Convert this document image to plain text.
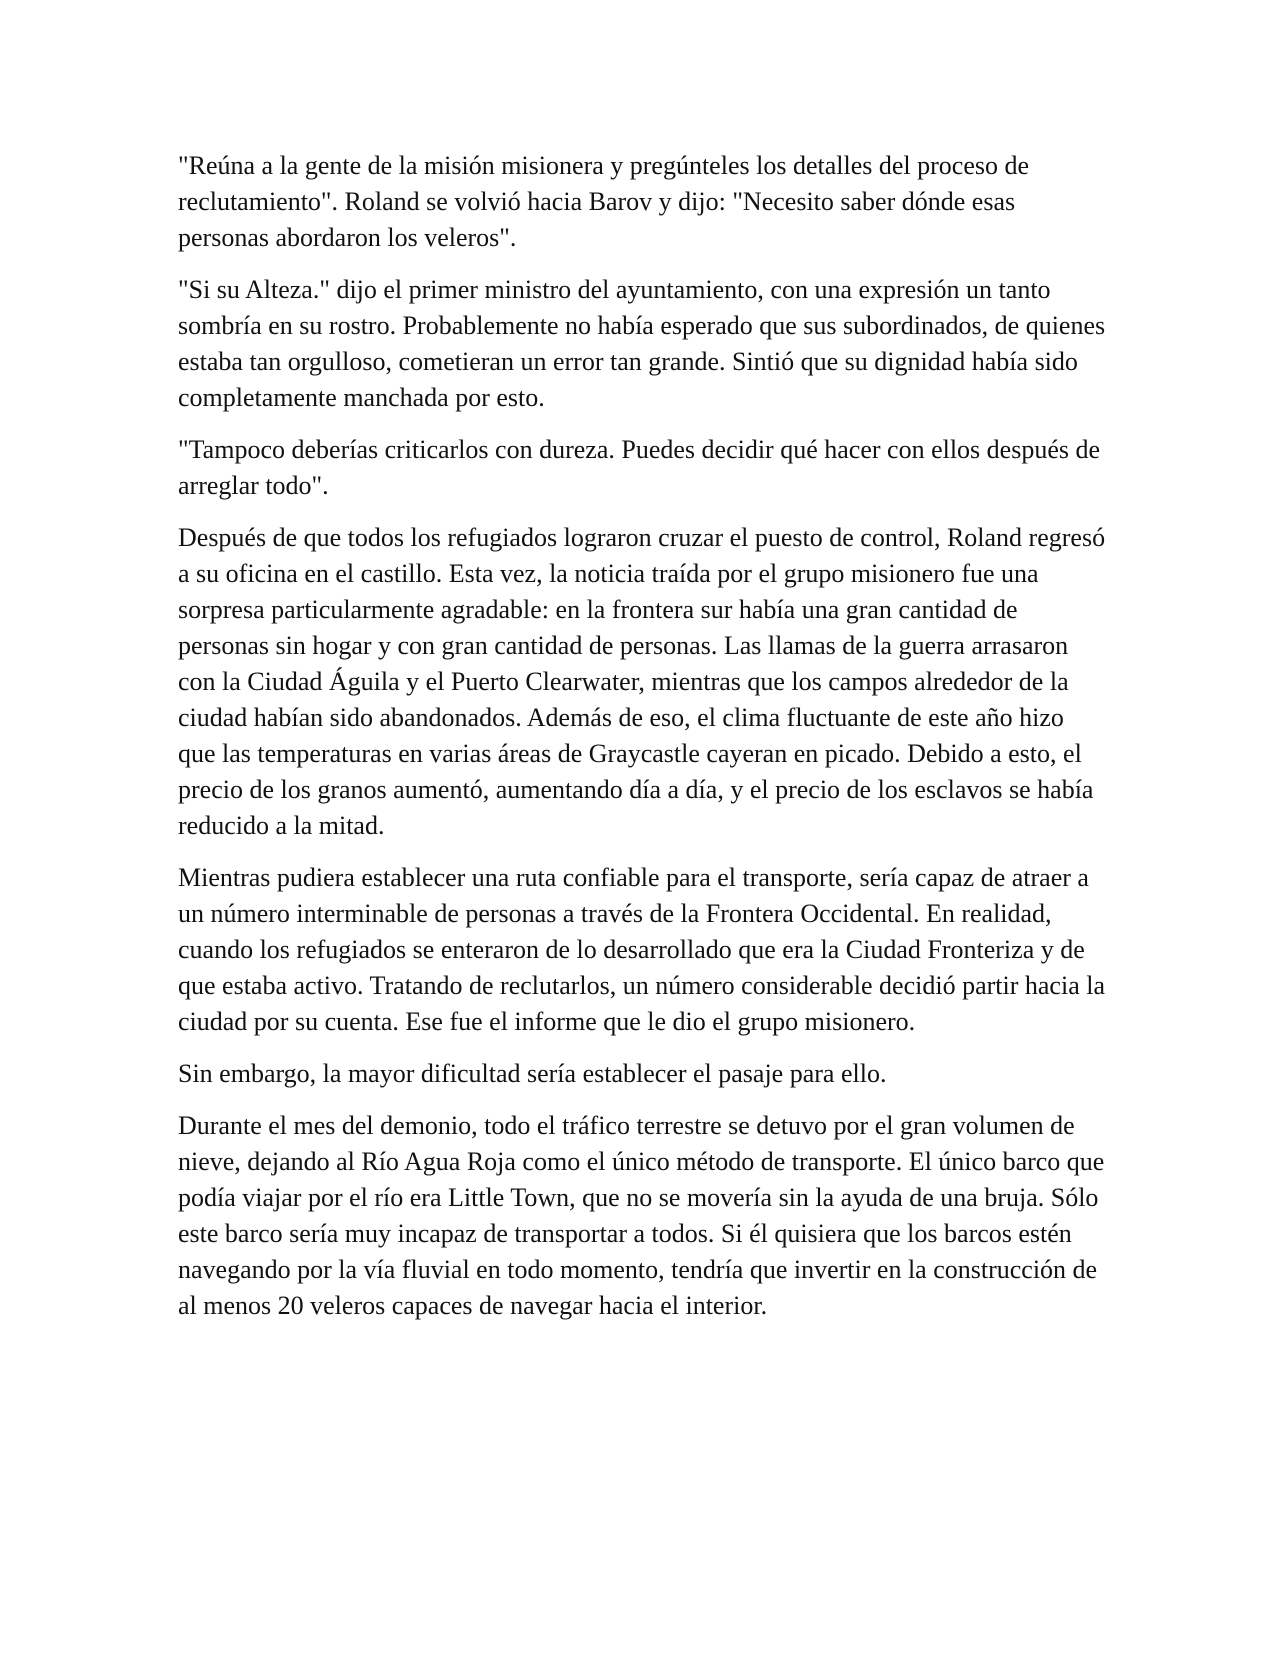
"Reúna a la gente de la misión misionera y pregúnteles los detalles del proceso de reclutamiento". Roland se volvió hacia Barov y dijo: "Necesito saber dónde esas personas abordaron los veleros".

"Si su Alteza." dijo el primer ministro del ayuntamiento, con una expresión un tanto sombría en su rostro. Probablemente no había esperado que sus subordinados, de quienes estaba tan orgulloso, cometieran un error tan grande. Sintió que su dignidad había sido completamente manchada por esto.

"Tampoco deberías criticarlos con dureza. Puedes decidir qué hacer con ellos después de arreglar todo".

Después de que todos los refugiados lograron cruzar el puesto de control, Roland regresó a su oficina en el castillo. Esta vez, la noticia traída por el grupo misionero fue una sorpresa particularmente agradable: en la frontera sur había una gran cantidad de personas sin hogar y con gran cantidad de personas. Las llamas de la guerra arrasaron con la Ciudad Águila y el Puerto Clearwater, mientras que los campos alrededor de la ciudad habían sido abandonados. Además de eso, el clima fluctuante de este año hizo que las temperaturas en varias áreas de Graycastle cayeran en picado. Debido a esto, el precio de los granos aumentó, aumentando día a día, y el precio de los esclavos se había reducido a la mitad.

Mientras pudiera establecer una ruta confiable para el transporte, sería capaz de atraer a un número interminable de personas a través de la Frontera Occidental. En realidad, cuando los refugiados se enteraron de lo desarrollado que era la Ciudad Fronteriza y de que estaba activo. Tratando de reclutarlos, un número considerable decidió partir hacia la ciudad por su cuenta. Ese fue el informe que le dio el grupo misionero.

Sin embargo, la mayor dificultad sería establecer el pasaje para ello.

Durante el mes del demonio, todo el tráfico terrestre se detuvo por el gran volumen de nieve, dejando al Río Agua Roja como el único método de transporte. El único barco que podía viajar por el río era Little Town, que no se movería sin la ayuda de una bruja. Sólo este barco sería muy incapaz de transportar a todos. Si él quisiera que los barcos estén navegando por la vía fluvial en todo momento, tendría que invertir en la construcción de al menos 20 veleros capaces de navegar hacia el interior.
